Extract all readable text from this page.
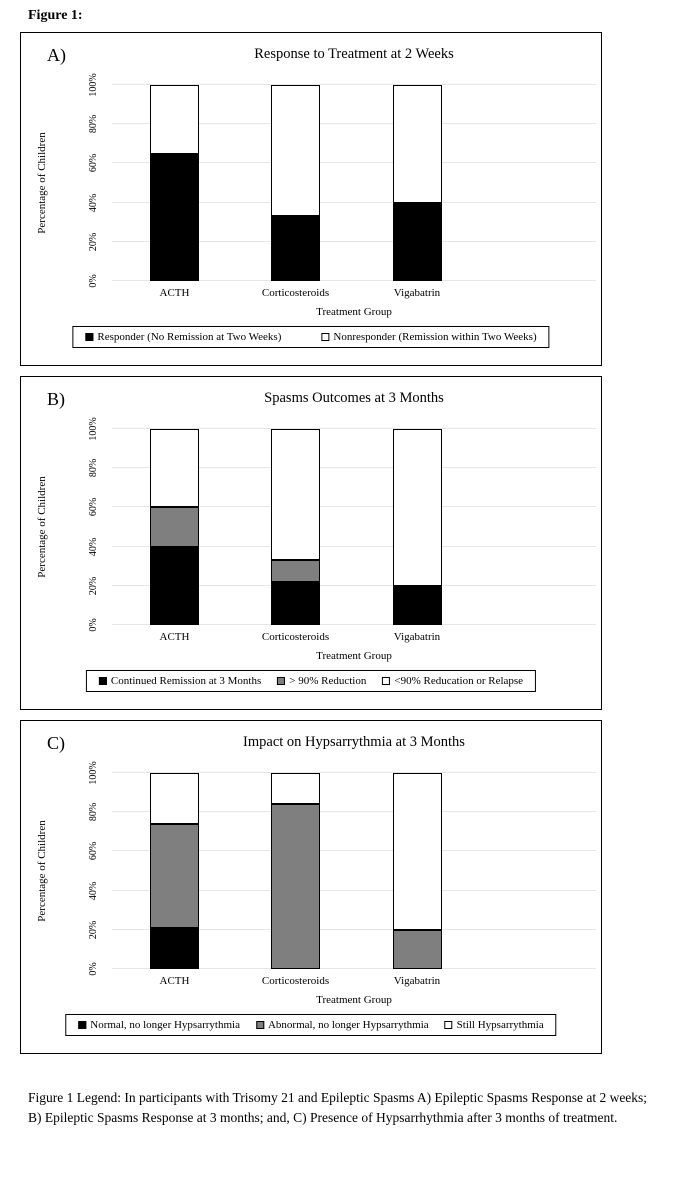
Figure 1:
A)	Response to Treatment at 2 Weeks
Percentage of Children
0%
20%
40%
60%
80%
100%
ACTH	Corticosteroids	Vigabatrin
Treatment Group
Responder (No Remission at Two Weeks)	Nonresponder (Remission within Two Weeks)
B)	Spasms Outcomes at 3 Months
Percentage of Children
0%
20%
40%
60%
80%
100%
ACTH	Corticosteroids	Vigabatrin
Treatment Group
Continued Remission at 3 Months	> 90% Reduction	<90% Reducation or Relapse
C)	Impact on Hypsarrythmia at 3 Months
Percentage of Children
0%
20%
40%
60%
80%
100%
ACTH	Corticosteroids	Vigabatrin
Treatment Group
Normal, no longer Hypsarrythmia	Abnormal, no longer Hypsarrythmia	Still Hypsarrythmia
Figure 1 Legend: In participants with Trisomy 21 and Epileptic Spasms A) Epileptic Spasms Response at 2 weeks; B) Epileptic Spasms Response at 3 months; and, C) Presence of Hypsarrhythmia after 3 months of treatment.
